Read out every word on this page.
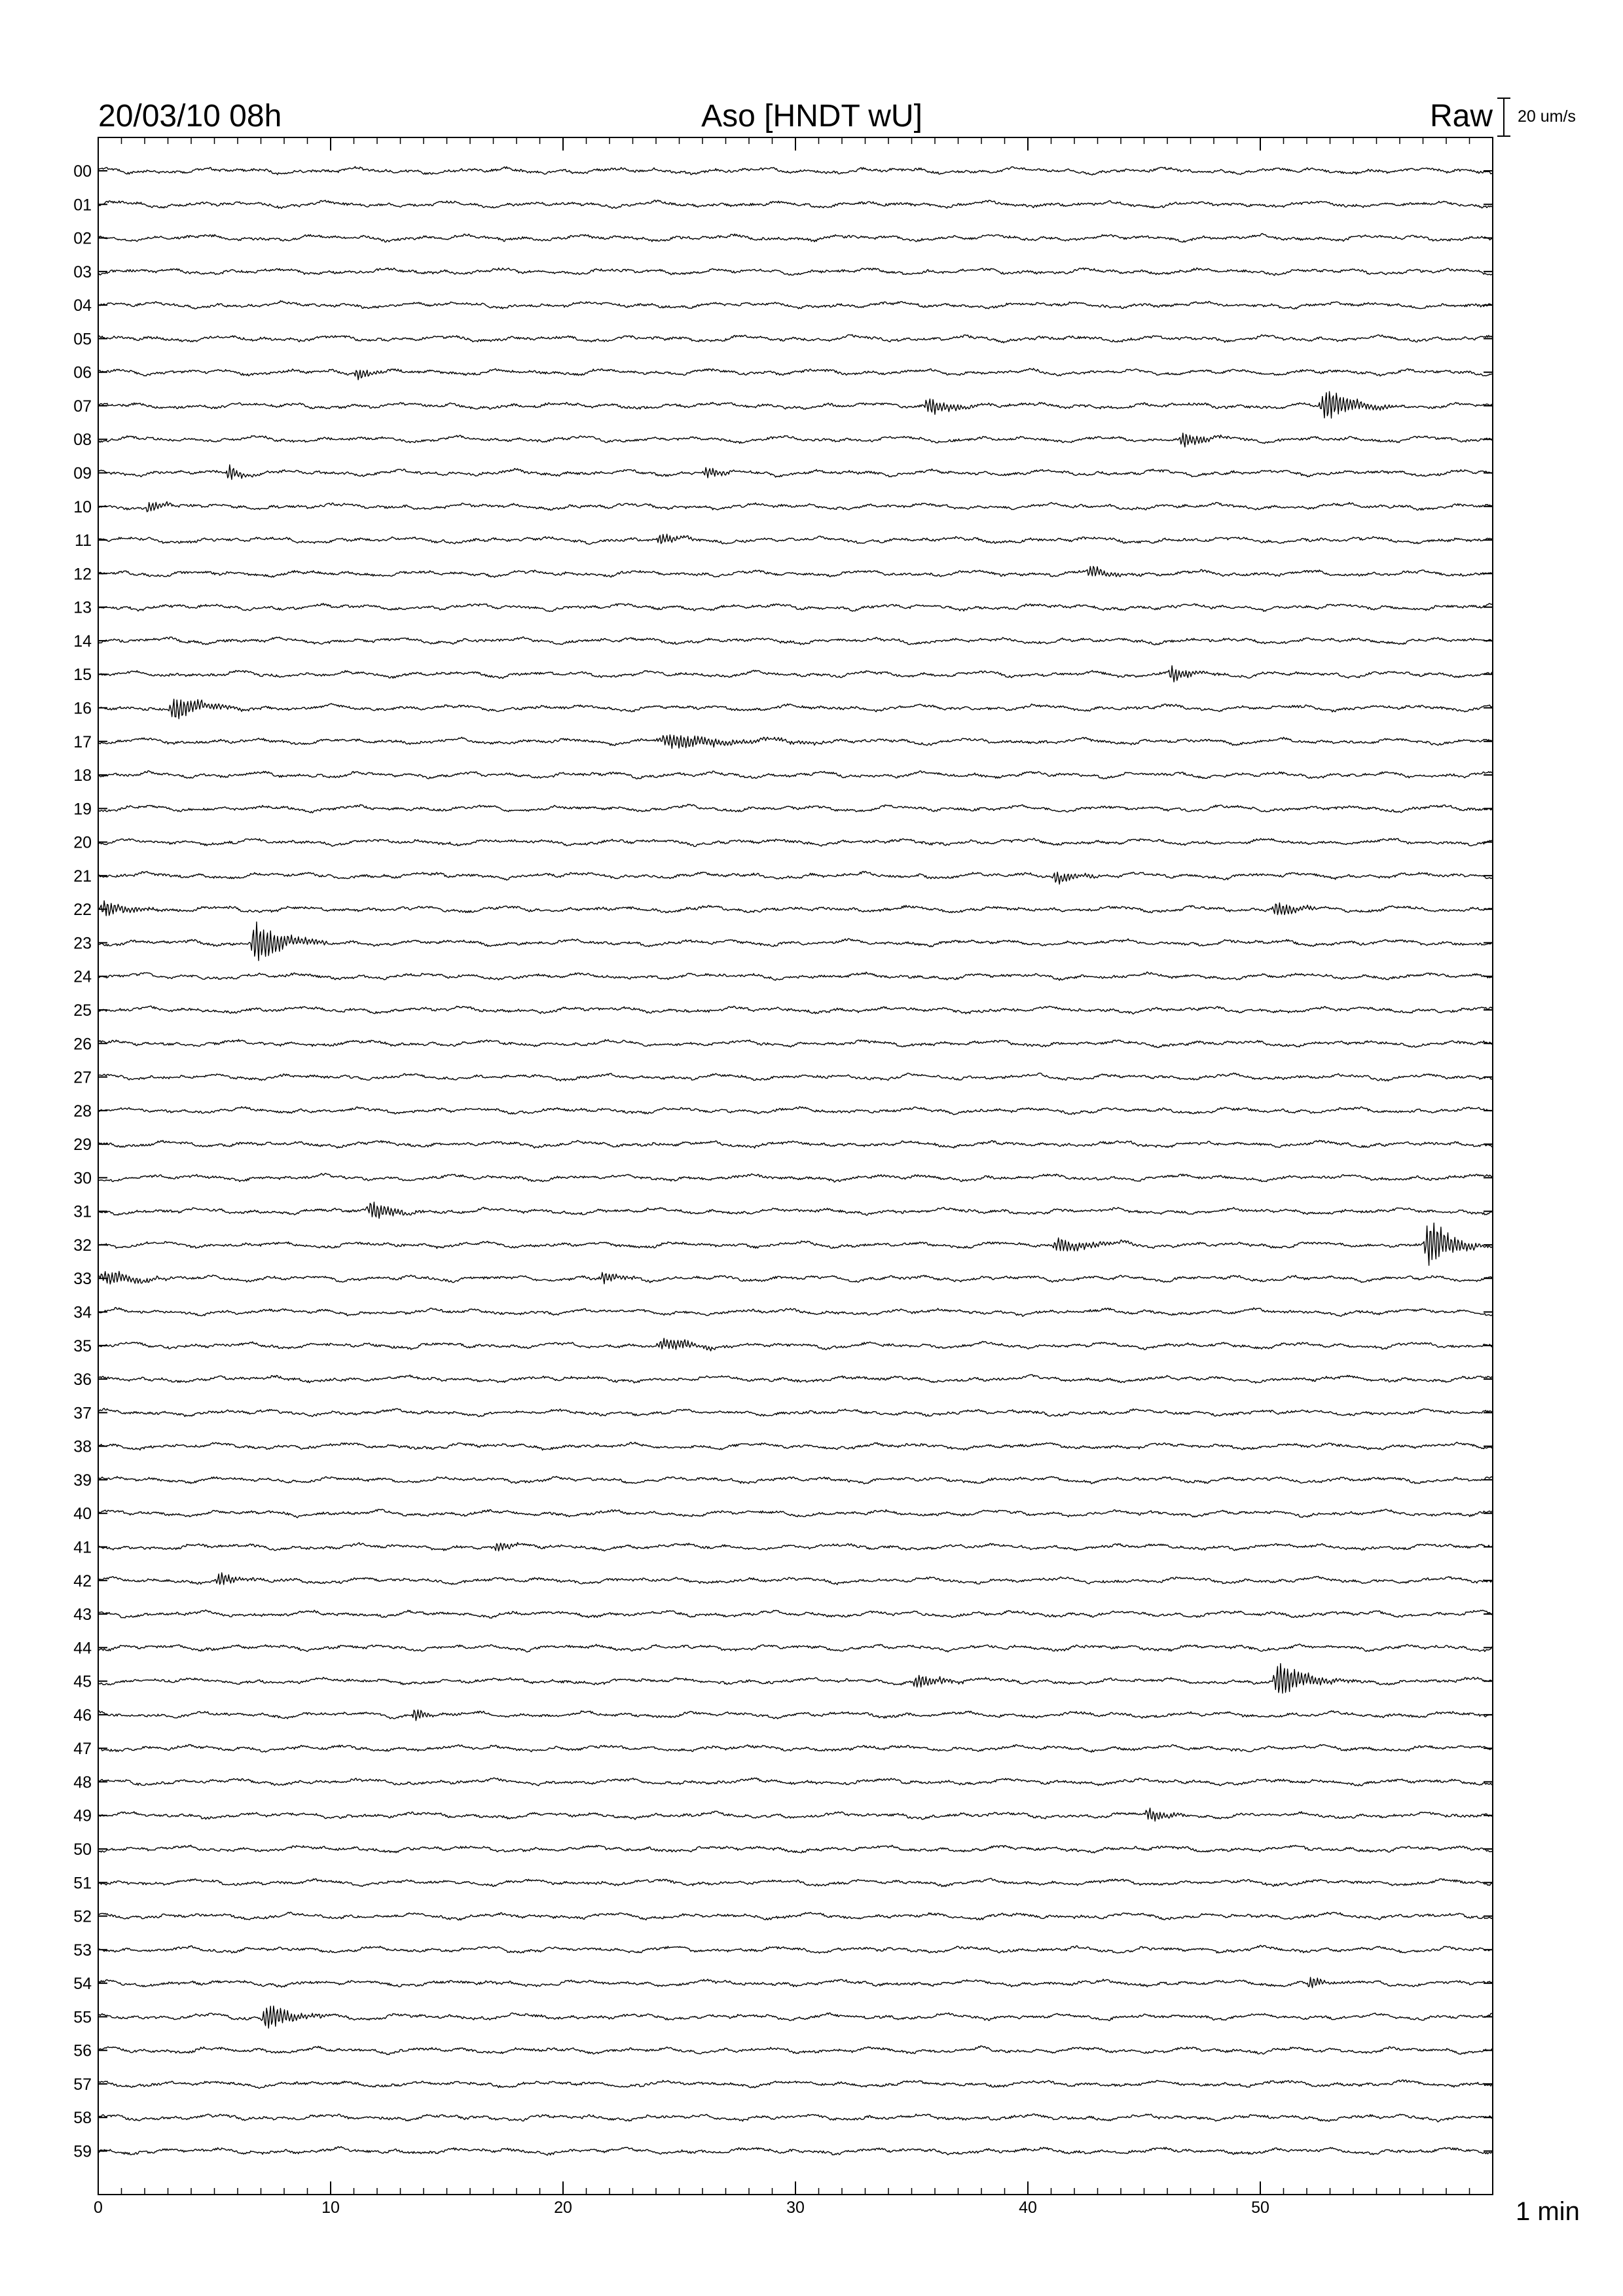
20/03/10 08h	Aso [HNDT wU]	Raw 20 um/s
0	10	20	30	40	50
00
01
02
03
04
05
06
07
08
09
10
11
12
13
14
15
16
17
18
19
20
21
22
23
24
25
26
27
28
29
30
31
32
33
34
35
36
37
38
39
40
41
42
43
44
45
46
47
48
49
50
51
52
53
54
55
56
57
58
59
1 min
